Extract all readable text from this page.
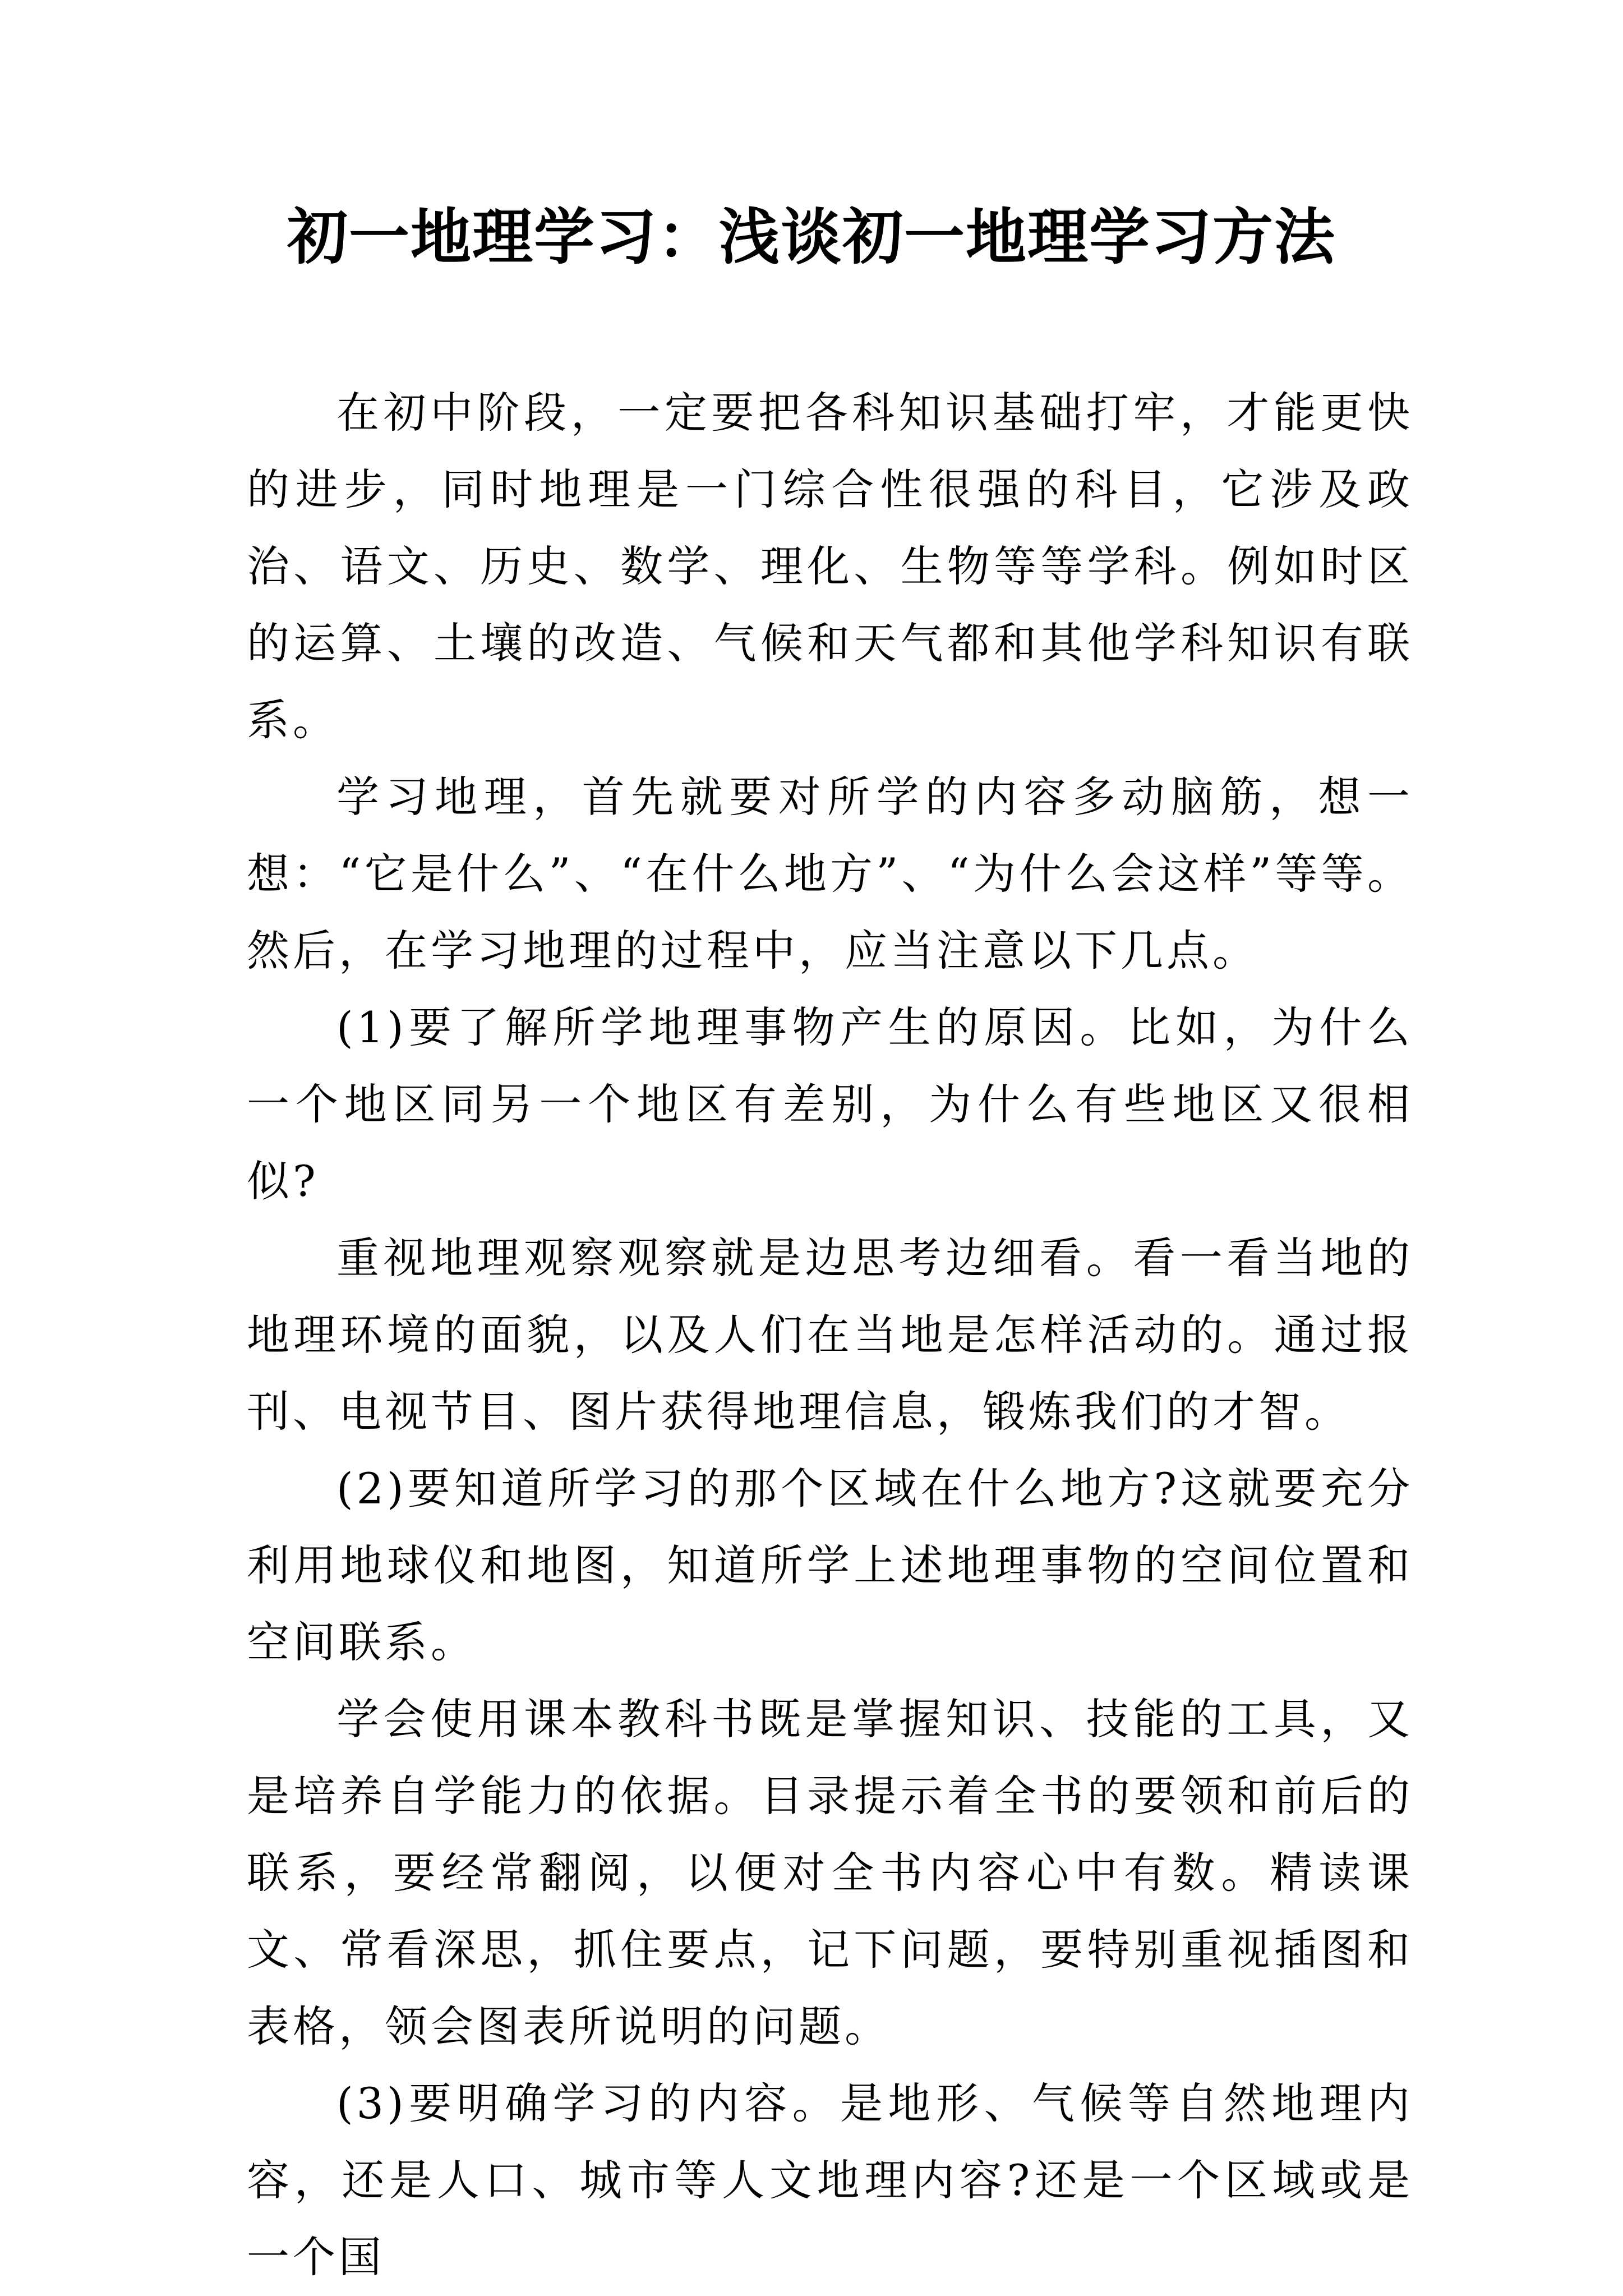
初一地理学习：浅谈初一地理学习方法

在初中阶段，一定要把各科知识基础打牢，才能更快的进步，同时地理是一门综合性很强的科目，它涉及政治、语文、历史、数学、理化、生物等等学科。例如时区的运算、土壤的改造、气候和天气都和其他学科知识有联系。

学习地理，首先就要对所学的内容多动脑筋，想一想：“它是什么”、“在什么地方”、“为什么会这样”等等。然后，在学习地理的过程中，应当注意以下几点。

(1)要了解所学地理事物产生的原因。比如，为什么一个地区同另一个地区有差别，为什么有些地区又很相似?

重视地理观察观察就是边思考边细看。看一看当地的地理环境的面貌，以及人们在当地是怎样活动的。通过报刊、电视节目、图片获得地理信息，锻炼我们的才智。

(2)要知道所学习的那个区域在什么地方?这就要充分利用地球仪和地图，知道所学上述地理事物的空间位置和空间联系。

学会使用课本教科书既是掌握知识、技能的工具，又是培养自学能力的依据。目录提示着全书的要领和前后的联系，要经常翻阅，以便对全书内容心中有数。精读课文、常看深思，抓住要点，记下问题，要特别重视插图和表格，领会图表所说明的问题。

(3)要明确学习的内容。是地形、气候等自然地理内容，还是人口、城市等人文地理内容?还是一个区域或是一个国
